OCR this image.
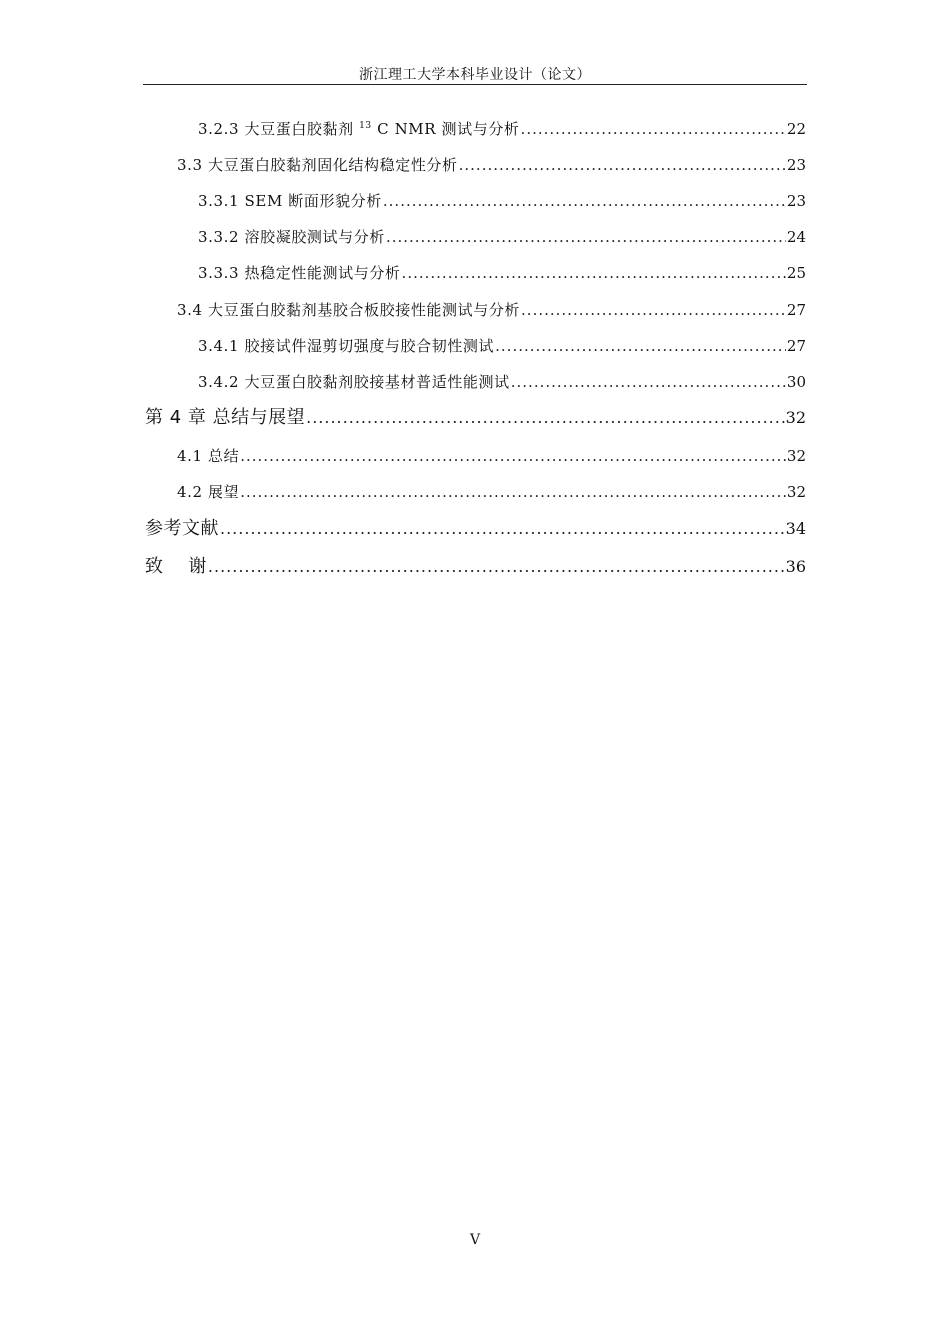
浙江理工大学本科毕业设计（论文）
3.2.3 大豆蛋白胶黏剂 $^{13}$ C NMR 测试与分析 .....	22
3.3 大豆蛋白胶黏剂固化结构稳定性分析 .....	23
3.3.1 SEM 断面形貌分析 .....	23
3.3.2 溶胶凝胶测试与分析 .....	24
3.3.3 热稳定性能测试与分析 .....	25
3.4 大豆蛋白胶黏剂基胶合板胶接性能测试与分析 .....	27
3.4.1 胶接试件湿剪切强度与胶合韧性测试 .....	27
3.4.2 大豆蛋白胶黏剂胶接基材普适性能测试 .....	30
第 4 章 总结与展望 .....	32
4.1 总结 .....	32
4.2 展望 .....	32
参考文献 .....	34
致    谢 .....	36
V
